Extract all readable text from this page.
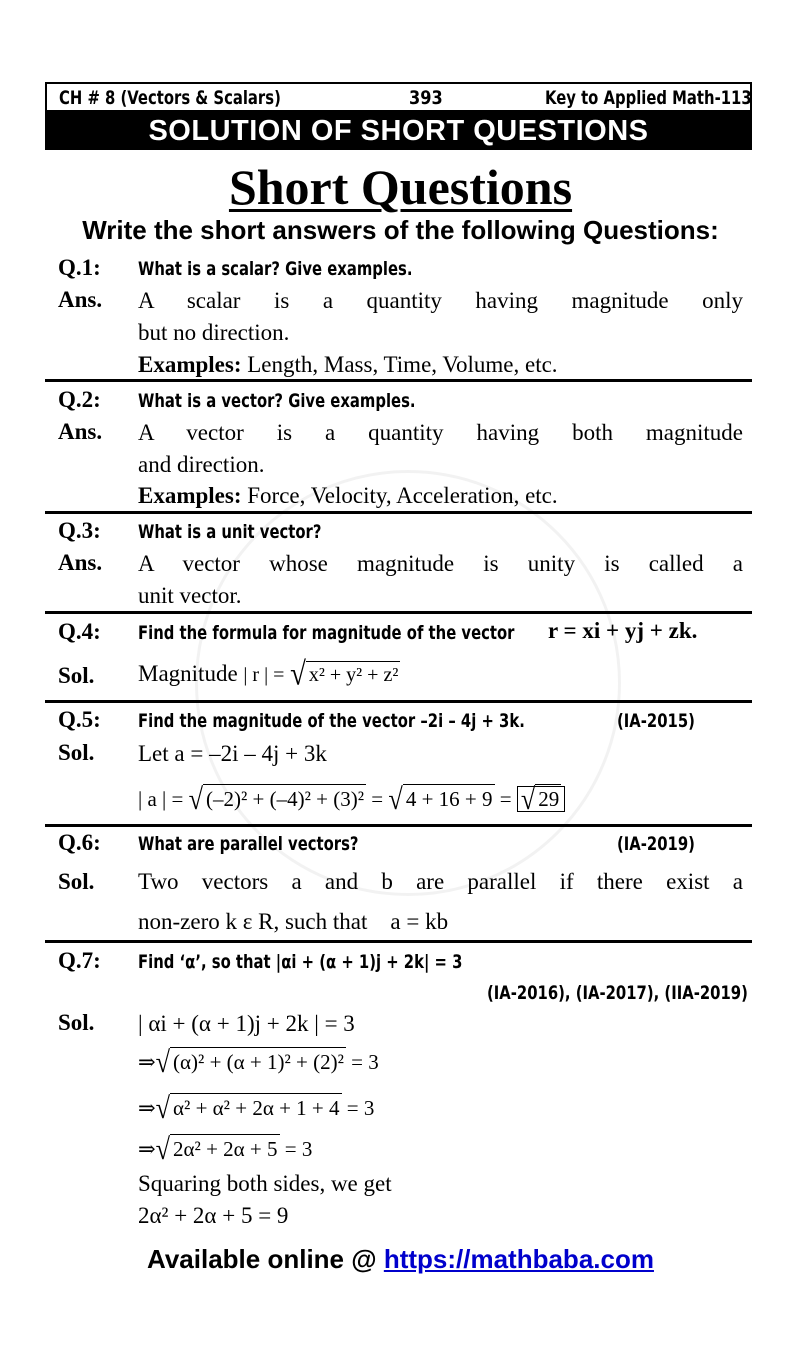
CH # 8 (Vectors & Scalars)	393	Key to Applied Math-113
SOLUTION OF SHORT QUESTIONS
Short Questions
Write the short answers of the following Questions:
Q.1: What is a scalar? Give examples.
Ans. A scalar is a quantity having magnitude only
but no direction.
Examples: Length, Mass, Time, Volume, etc.
Q.2: What is a vector? Give examples.
Ans. A vector is a quantity having both magnitude
and direction.
Examples: Force, Velocity, Acceleration, etc.
Q.3: What is a unit vector?
Ans. A vector whose magnitude is unity is called a
unit vector.
Q.4: Find the formula for magnitude of the vector	r = xi + yj + zk.
Sol. Magnitude | r | = √ x² + y² + z²
Q.5: Find the magnitude of the vector –2i – 4j + 3k.	(IA-2015)
Sol. Let a = –2i – 4j + 3k
| a | = √ (–2)² + (–4)² + (3)² = √ 4 + 16 + 9 = √ 29
Q.6: What are parallel vectors?	(IA-2019)
Sol. Two vectors a and b are parallel if there exist a
non-zero k ε R, such that a = kb
Q.7: Find ‘α’, so that |αi + (α + 1)j + 2k| = 3
(IA-2016), (IA-2017), (IIA-2019)
Sol. | αi + (α + 1)j + 2k | = 3
⇒√ (α)² + (α + 1)² + (2)² = 3
⇒√ α² + α² + 2α + 1 + 4 = 3
⇒√ 2α² + 2α + 5 = 3
Squaring both sides, we get
2α² + 2α + 5 = 9
Available online @ https://mathbaba.com
